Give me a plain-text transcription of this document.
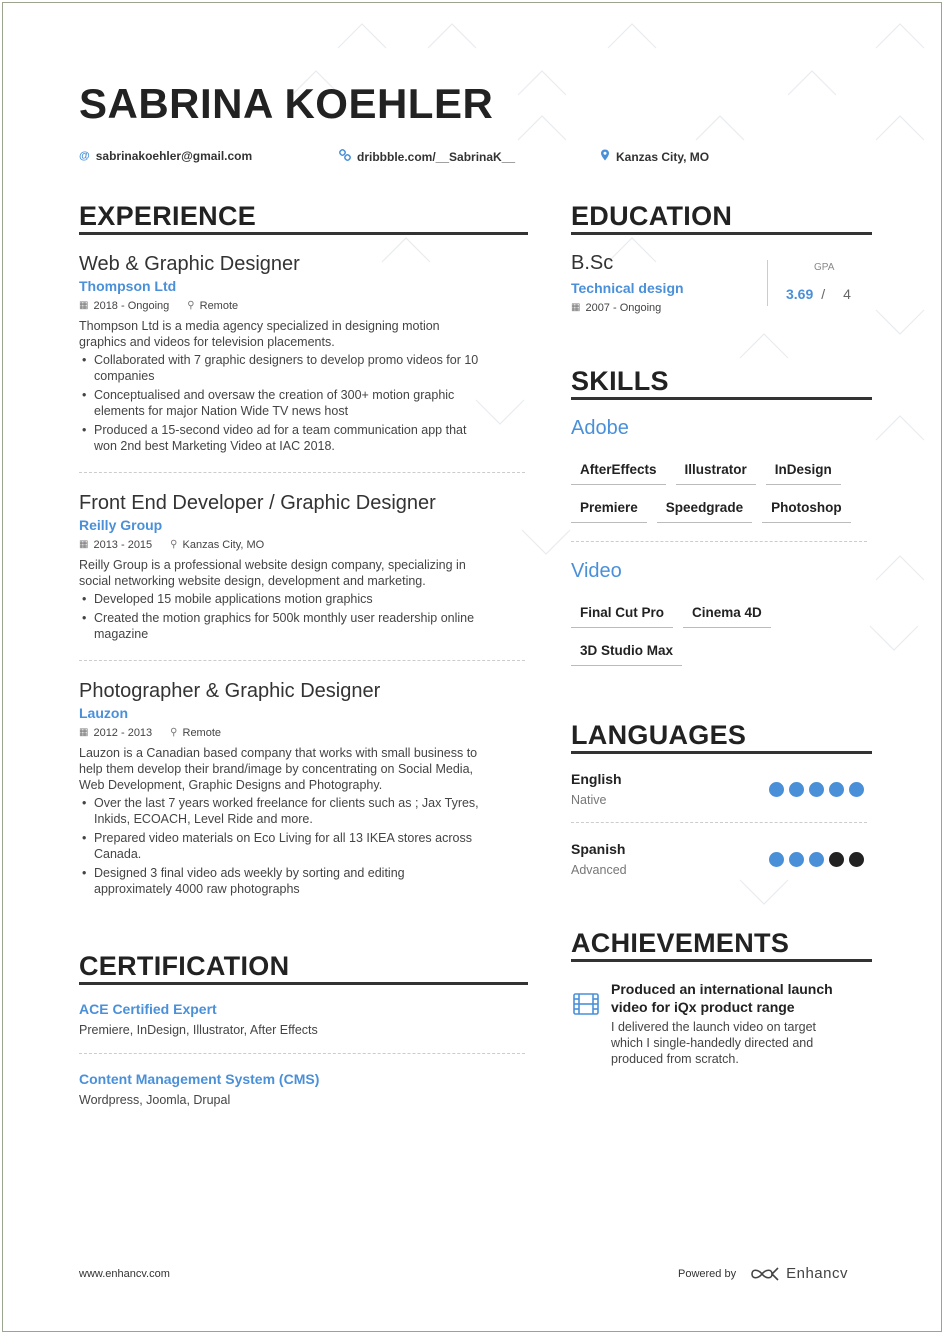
SABRINA KOEHLER
@ sabrinakoehler@gmail.com	dribbble.com/__SabrinaK__	Kanzas City, MO
EXPERIENCE
Web & Graphic Designer
Thompson Ltd
▦ 2018 - Ongoing ⚲ Remote
Thompson Ltd is a media agency specialized in designing motion
graphics and videos for television placements.
• Collaborated with 7 graphic designers to develop promo videos for 10
companies
• Conceptualised and oversaw the creation of 300+ motion graphic
elements for major Nation Wide TV news host
• Produced a 15-second video ad for a team communication app that
won 2nd best Marketing Video at IAC 2018.
Front End Developer / Graphic Designer
Reilly Group
▦ 2013 - 2015 ⚲ Kanzas City, MO
Reilly Group is a professional website design company, specializing in
social networking website design, development and marketing.
• Developed 15 mobile applications motion graphics
• Created the motion graphics for 500k monthly user readership online
magazine
Photographer & Graphic Designer
Lauzon
▦ 2012 - 2013 ⚲ Remote
Lauzon is a Canadian based company that works with small business to
help them develop their brand/image by concentrating on Social Media,
Web Development, Graphic Designs and Photography.
• Over the last 7 years worked freelance for clients such as ; Jax Tyres,
Inkids, ECOACH, Level Ride and more.
• Prepared video materials on Eco Living for all 13 IKEA stores across
Canada.
• Designed 3 final video ads weekly by sorting and editing
approximately 4000 raw photographs
CERTIFICATION
ACE Certified Expert
Premiere, InDesign, Illustrator, After Effects
Content Management System (CMS)
Wordpress, Joomla, Drupal
EDUCATION
B.Sc
Technical design
▦ 2007 - Ongoing
GPA
3.69 / 4
SKILLS
Adobe
AfterEffects	Illustrator	InDesign
Premiere	Speedgrade	Photoshop
Video
Final Cut Pro	Cinema 4D
3D Studio Max
LANGUAGES
English
Native
Spanish
Advanced
ACHIEVEMENTS
Produced an international launch
video for iQx product range
I delivered the launch video on target
which I single-handedly directed and
produced from scratch.
www.enhancv.com	Powered by	Enhancv
